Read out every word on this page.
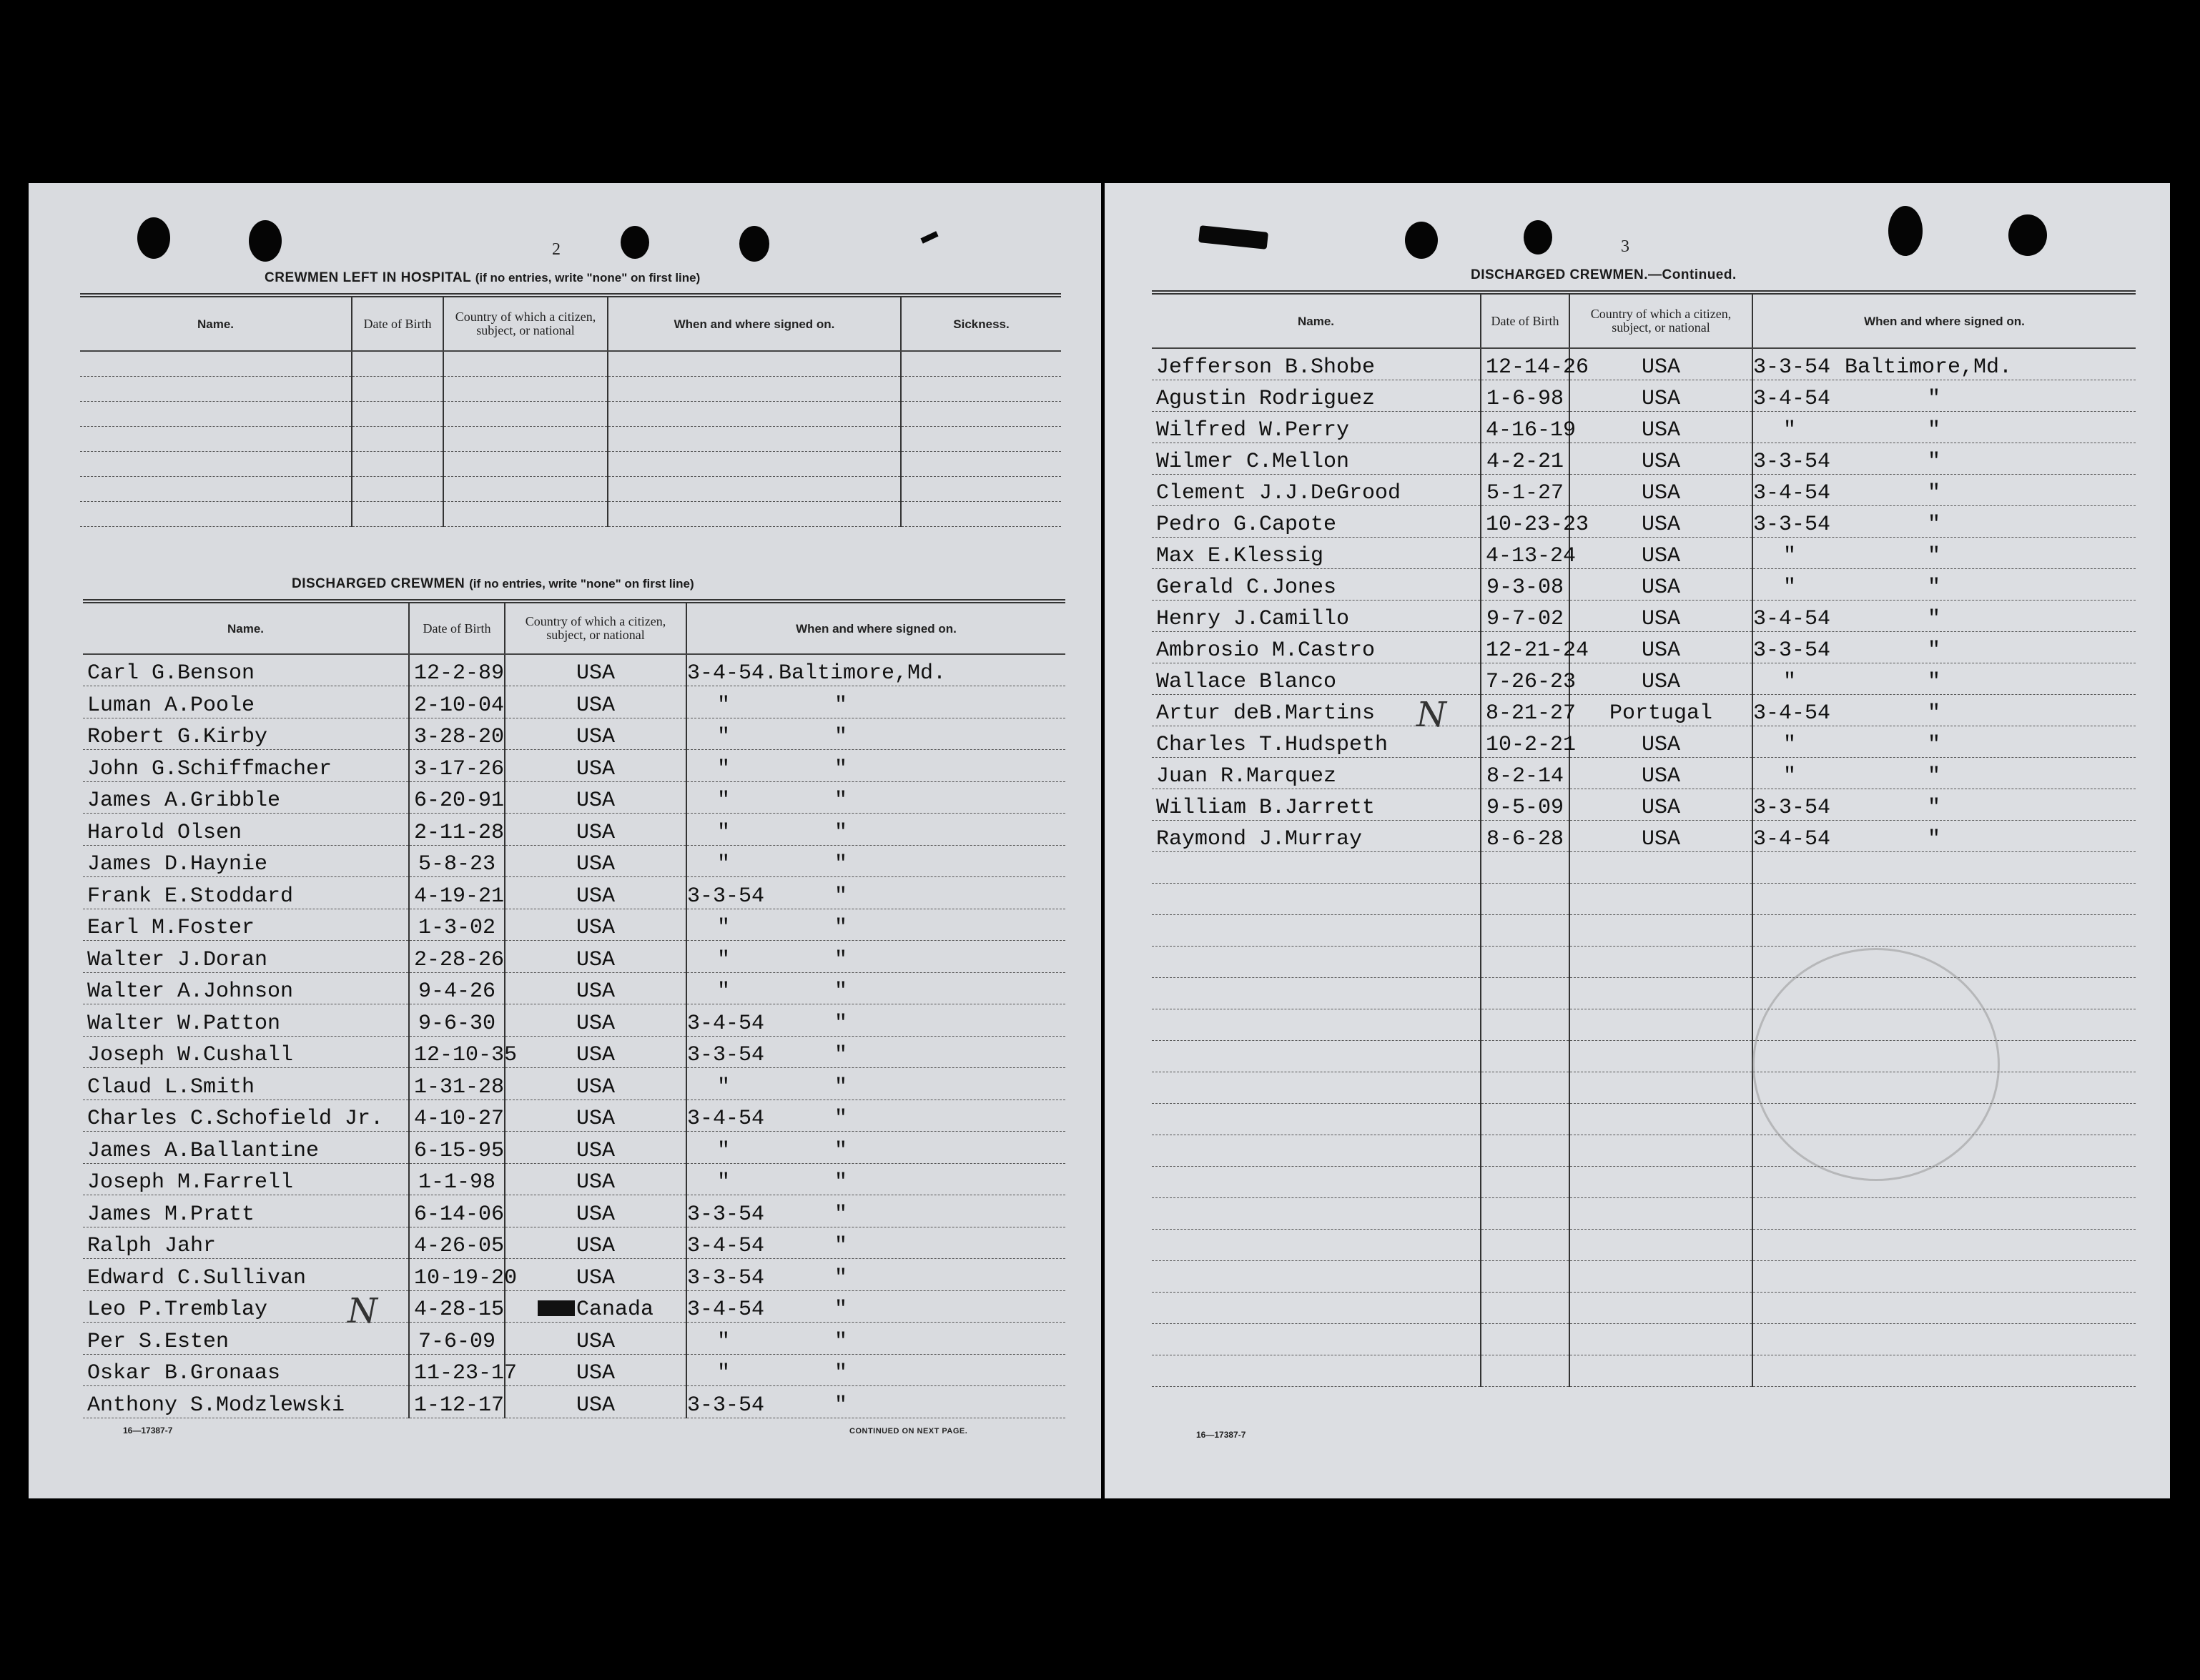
2
CREWMEN LEFT IN HOSPITAL (if no entries, write "none" on first line)
Name.	Date of Birth	Country of which a citizen, subject, or national	When and where signed on.	Sickness.

DISCHARGED CREWMEN (if no entries, write "none" on first line)
Name.	Date of Birth	Country of which a citizen, subject, or national	When and where signed on.
Carl G.Benson	12-2-89	USA	3-4-54. Baltimore,Md.

Luman A.Poole	2-10-04	USA	" "

Robert G.Kirby	3-28-20	USA	" "

John G.Schiffmacher	3-17-26	USA	" "

James A.Gribble	6-20-91	USA	" "

Harold Olsen	2-11-28	USA	" "

James D.Haynie	5-8-23	USA	" "

Frank E.Stoddard	4-19-21	USA	3-3-54 "

Earl M.Foster	1-3-02	USA	" "

Walter J.Doran	2-28-26	USA	" "

Walter A.Johnson	9-4-26	USA	" "

Walter W.Patton	9-6-30	USA	3-4-54 "

Joseph W.Cushall	12-10-35	USA	3-3-54 "

Claud L.Smith	1-31-28	USA	" "

Charles C.Schofield Jr.	4-10-27	USA	3-4-54 "

James A.Ballantine	6-15-95	USA	" "

Joseph M.Farrell	1-1-98	USA	" "

James M.Pratt	6-14-06	USA	3-3-54 "

Ralph Jahr	4-26-05	USA	3-4-54 "

Edward C.Sullivan	10-19-20	USA	3-3-54 "

Leo P.Tremblay N	4-28-15	Canada	3-4-54 "

Per S.Esten	7-6-09	USA	" "

Oskar B.Gronaas	11-23-17	USA	" "

Anthony S.Modzlewski	1-12-17	USA	3-3-54 "
16—17387-7	CONTINUED ON NEXT PAGE.
3
DISCHARGED CREWMEN.—Continued.
Name.	Date of Birth	Country of which a citizen, subject, or national	When and where signed on.
Jefferson B.Shobe	12-14-26	USA	3-3-54 Baltimore,Md.

Agustin Rodriguez	1-6-98	USA	3-4-54 "

Wilfred W.Perry	4-16-19	USA	" "

Wilmer C.Mellon	4-2-21	USA	3-3-54 "

Clement J.J.DeGrood	5-1-27	USA	3-4-54 "

Pedro G.Capote	10-23-23	USA	3-3-54 "

Max E.Klessig	4-13-24	USA	" "

Gerald C.Jones	9-3-08	USA	" "

Henry J.Camillo	9-7-02	USA	3-4-54 "

Ambrosio M.Castro	12-21-24	USA	3-3-54 "

Wallace Blanco	7-26-23	USA	" "

Artur deB.Martins N	8-21-27	Portugal	3-4-54 "

Charles T.Hudspeth	10-2-21	USA	" "

Juan R.Marquez	8-2-14	USA	" "

William B.Jarrett	9-5-09	USA	3-3-54 "

Raymond J.Murray	8-6-28	USA	3-4-54 "

16—17387-7
